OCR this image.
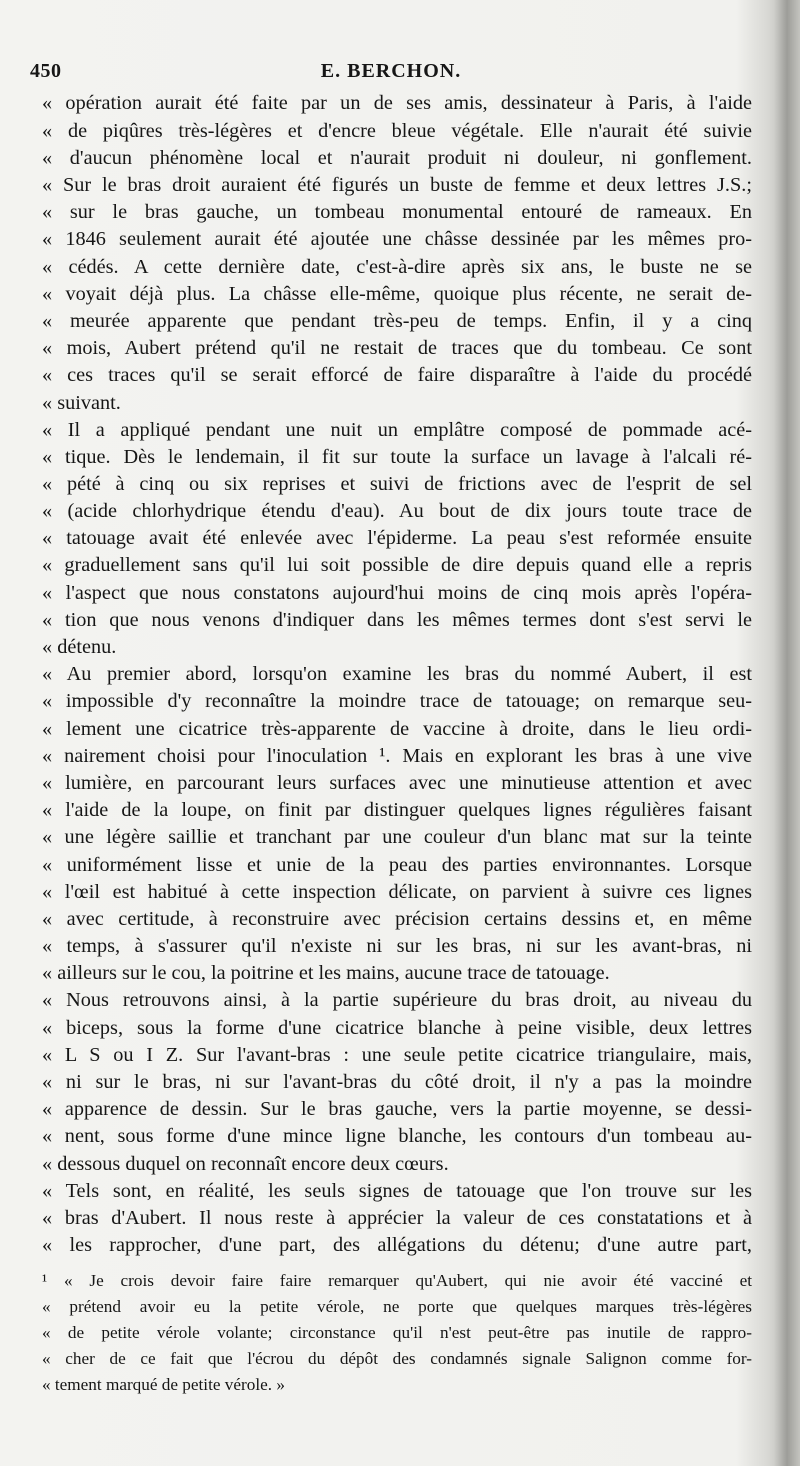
450	E. BERCHON.
« opération aurait été faite par un de ses amis, dessinateur à Paris, à l'aide
« de piqûres très-légères et d'encre bleue végétale. Elle n'aurait été suivie
« d'aucun phénomène local et n'aurait produit ni douleur, ni gonflement.
« Sur le bras droit auraient été figurés un buste de femme et deux lettres J.S.;
« sur le bras gauche, un tombeau monumental entouré de rameaux. En
« 1846 seulement aurait été ajoutée une châsse dessinée par les mêmes pro-
« cédés. A cette dernière date, c'est-à-dire après six ans, le buste ne se
« voyait déjà plus. La châsse elle-même, quoique plus récente, ne serait de-
« meurée apparente que pendant très-peu de temps. Enfin, il y a cinq
« mois, Aubert prétend qu'il ne restait de traces que du tombeau. Ce sont
« ces traces qu'il se serait efforcé de faire disparaître à l'aide du procédé
« suivant.
« Il a appliqué pendant une nuit un emplâtre composé de pommade acé-
« tique. Dès le lendemain, il fit sur toute la surface un lavage à l'alcali ré-
« pété à cinq ou six reprises et suivi de frictions avec de l'esprit de sel
« (acide chlorhydrique étendu d'eau). Au bout de dix jours toute trace de
« tatouage avait été enlevée avec l'épiderme. La peau s'est reformée ensuite
« graduellement sans qu'il lui soit possible de dire depuis quand elle a repris
« l'aspect que nous constatons aujourd'hui moins de cinq mois après l'opéra-
« tion que nous venons d'indiquer dans les mêmes termes dont s'est servi le
« détenu.
« Au premier abord, lorsqu'on examine les bras du nommé Aubert, il est
« impossible d'y reconnaître la moindre trace de tatouage; on remarque seu-
« lement une cicatrice très-apparente de vaccine à droite, dans le lieu ordi-
« nairement choisi pour l'inoculation ¹. Mais en explorant les bras à une vive
« lumière, en parcourant leurs surfaces avec une minutieuse attention et avec
« l'aide de la loupe, on finit par distinguer quelques lignes régulières faisant
« une légère saillie et tranchant par une couleur d'un blanc mat sur la teinte
« uniformément lisse et unie de la peau des parties environnantes. Lorsque
« l'œil est habitué à cette inspection délicate, on parvient à suivre ces lignes
« avec certitude, à reconstruire avec précision certains dessins et, en même
« temps, à s'assurer qu'il n'existe ni sur les bras, ni sur les avant-bras, ni
« ailleurs sur le cou, la poitrine et les mains, aucune trace de tatouage.
« Nous retrouvons ainsi, à la partie supérieure du bras droit, au niveau du
« biceps, sous la forme d'une cicatrice blanche à peine visible, deux lettres
« L S ou I Z. Sur l'avant-bras : une seule petite cicatrice triangulaire, mais,
« ni sur le bras, ni sur l'avant-bras du côté droit, il n'y a pas la moindre
« apparence de dessin. Sur le bras gauche, vers la partie moyenne, se dessi-
« nent, sous forme d'une mince ligne blanche, les contours d'un tombeau au-
« dessous duquel on reconnaît encore deux cœurs.
« Tels sont, en réalité, les seuls signes de tatouage que l'on trouve sur les
« bras d'Aubert. Il nous reste à apprécier la valeur de ces constatations et à
« les rapprocher, d'une part, des allégations du détenu; d'une autre part,
¹ « Je crois devoir faire faire remarquer qu'Aubert, qui nie avoir été vacciné et
« prétend avoir eu la petite vérole, ne porte que quelques marques très-légères
« de petite vérole volante; circonstance qu'il n'est peut-être pas inutile de rappro-
« cher de ce fait que l'écrou du dépôt des condamnés signale Salignon comme for-
« tement marqué de petite vérole. »
